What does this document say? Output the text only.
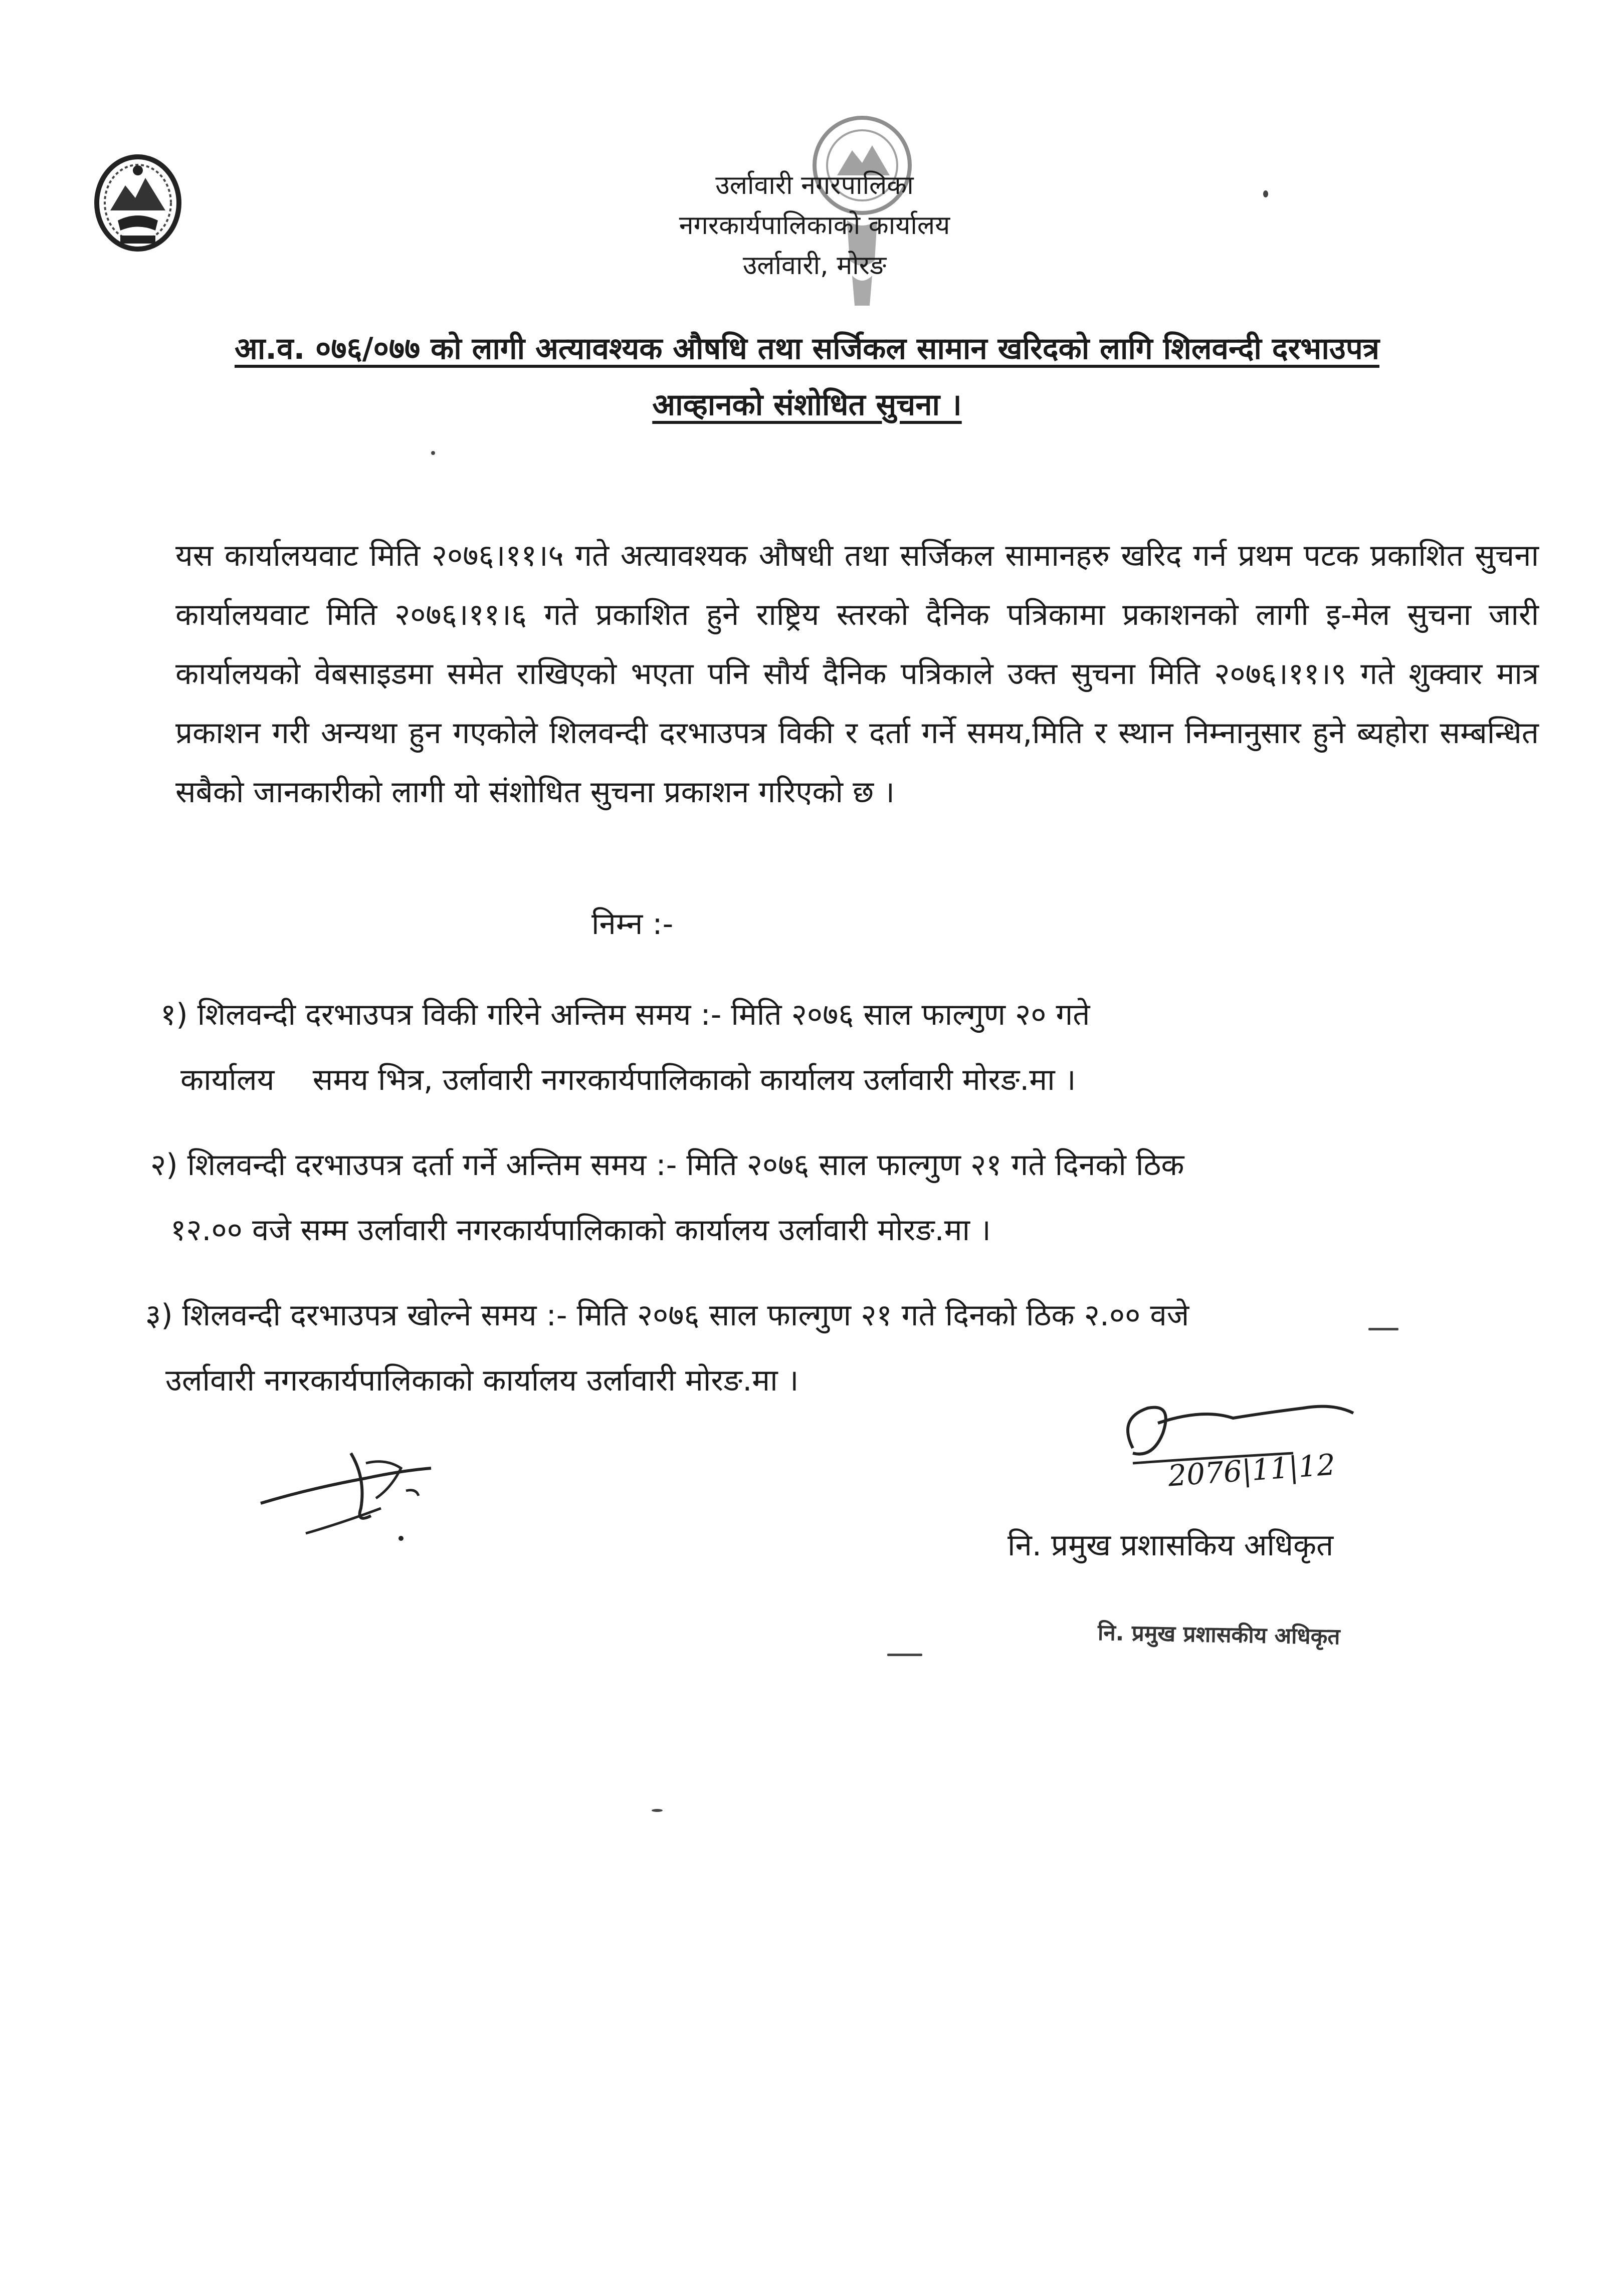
उर्लावारी नगरपालिका
नगरकार्यपालिकाको कार्यालय
उर्लावारी, मोरङ
आ.व. ०७६/०७७ को लागी अत्यावश्यक औषधि तथा सर्जिकल सामान खरिदको लागि शिलवन्दी दरभाउपत्र
आव्हानको संशोधित सुचना ।

यस कार्यालयवाट मिति २०७६।११।५ गते अत्यावश्यक औषधी तथा सर्जिकल सामानहरु खरिद गर्न प्रथम पटक प्रकाशित सुचना कार्यालयवाट मिति २०७६।११।६ गते प्रकाशित हुने राष्ट्रिय स्तरको दैनिक पत्रिकामा प्रकाशनको लागी इ-मेल सुचना जारी कार्यालयको वेबसाइडमा समेत राखिएको भएता पनि सौर्य दैनिक पत्रिकाले उक्त सुचना मिति २०७६।११।९ गते शुक्वार मात्र प्रकाशन गरी अन्यथा हुन गएकोले शिलवन्दी दरभाउपत्र विकी र दर्ता गर्ने समय,मिति र स्थान निम्नानुसार हुने ब्यहोरा सम्बन्धित सबैको जानकारीको लागी यो संशोधित सुचना प्रकाशन गरिएको छ ।

निम्न :-
१) शिलवन्दी दरभाउपत्र विकी गरिने अन्तिम समय :- मिति २०७६ साल फाल्गुण २० गते
कार्यालय    समय भित्र, उर्लावारी नगरकार्यपालिकाको कार्यालय उर्लावारी मोरङ.मा ।
२) शिलवन्दी दरभाउपत्र दर्ता गर्ने अन्तिम समय :- मिति २०७६ साल फाल्गुण २१ गते दिनको ठिक
१२.०० वजे सम्म उर्लावारी नगरकार्यपालिकाको कार्यालय उर्लावारी मोरङ.मा ।
३) शिलवन्दी दरभाउपत्र खोल्ने समय :- मिति २०७६ साल फाल्गुण २१ गते दिनको ठिक २.०० वजे
उर्लावारी नगरकार्यपालिकाको कार्यालय उर्लावारी मोरङ.मा ।
2076|11|12
नि. प्रमुख प्रशासकिय अधिकृत
नि. प्रमुख प्रशासकीय अधिकृत
